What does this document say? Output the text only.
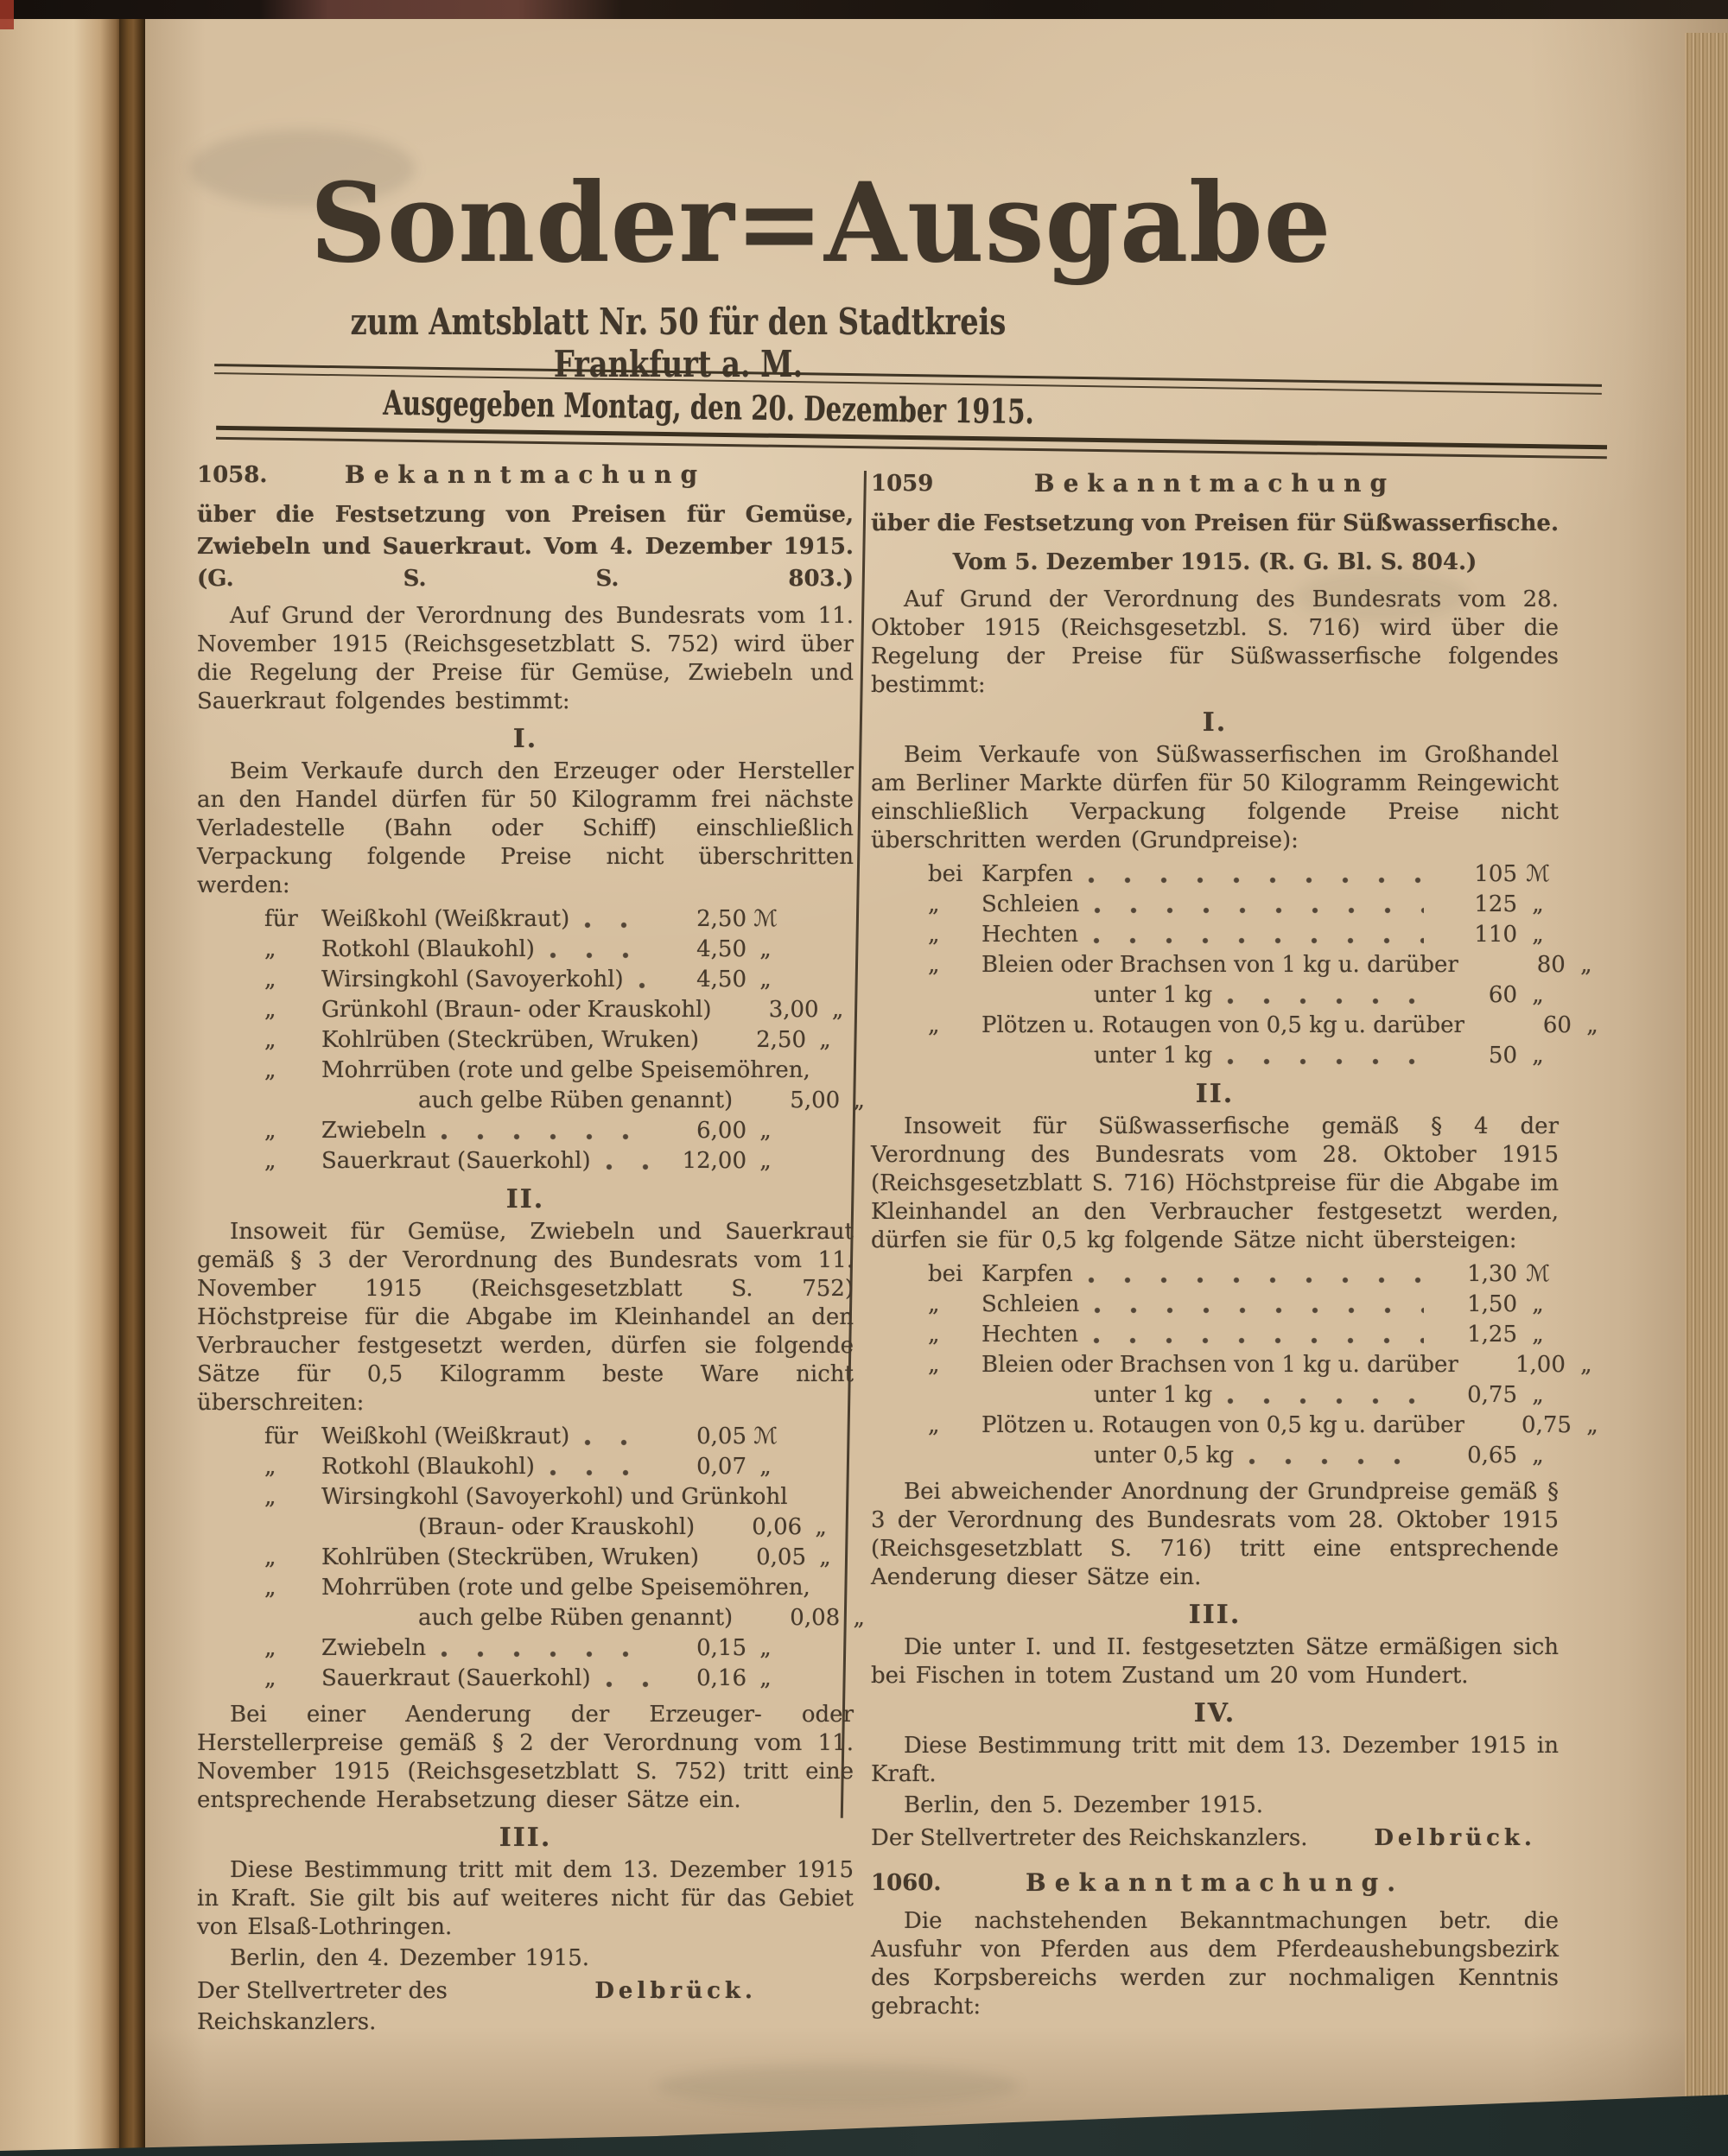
Sonder=Ausgabe
zum Amtsblatt Nr. 50 für den Stadtkreis Frankfurt a. M.
Ausgegeben Montag, den 20. Dezember 1915.
1058.	Bekanntmachung

über die Festsetzung von Preisen für Gemüse, Zwiebeln und Sauerkraut. Vom 4. Dezember 1915. (G. S. S. 803.)

Auf Grund der Verordnung des Bundesrats vom 11. November 1915 (Reichsgesetzblatt S. 752) wird über die Regelung der Preise für Gemüse, Zwiebeln und Sauerkraut folgendes bestimmt:

I.

Beim Verkaufe durch den Erzeuger oder Hersteller an den Handel dürfen für 50 Kilogramm frei nächste Verladestelle (Bahn oder Schiff) einschließlich Verpackung folgende Preise nicht überschritten werden:

für	Weißkohl (Weißkraut)	2,50 ℳ
„	Rotkohl (Blaukohl)	4,50 „
„	Wirsingkohl (Savoyerkohl)	4,50 „
„	Grünkohl (Braun- oder Krauskohl)	3,00 „
„	Kohlrüben (Steckrüben, Wruken)	2,50 „
„	Mohrrüben (rote und gelbe Speisemöhren,
auch gelbe Rüben genannt)	5,00 „
„	Zwiebeln	6,00 „
„	Sauerkraut (Sauerkohl)	12,00 „
II.

Insoweit für Gemüse, Zwiebeln und Sauerkraut gemäß § 3 der Verordnung des Bundesrats vom 11. November 1915 (Reichsgesetzblatt S. 752) Höchstpreise für die Abgabe im Kleinhandel an den Verbraucher festgesetzt werden, dürfen sie folgende Sätze für 0,5 Kilogramm beste Ware nicht überschreiten:

für	Weißkohl (Weißkraut)	0,05 ℳ
„	Rotkohl (Blaukohl)	0,07 „
„	Wirsingkohl (Savoyerkohl) und Grünkohl
(Braun- oder Krauskohl)	0,06 „
„	Kohlrüben (Steckrüben, Wruken)	0,05 „
„	Mohrrüben (rote und gelbe Speisemöhren,
auch gelbe Rüben genannt)	0,08 „
„	Zwiebeln	0,15 „
„	Sauerkraut (Sauerkohl)	0,16 „

Bei einer Aenderung der Erzeuger- oder Herstellerpreise gemäß § 2 der Verordnung vom 11. November 1915 (Reichsgesetzblatt S. 752) tritt eine entsprechende Herabsetzung dieser Sätze ein.

III.

Diese Bestimmung tritt mit dem 13. Dezember 1915 in Kraft. Sie gilt bis auf weiteres nicht für das Gebiet von Elsaß-Lothringen.

Berlin, den 4. Dezember 1915.

Der Stellvertreter des Reichskanzlers.
Delbrück.
1059	Bekanntmachung

über die Festsetzung von Preisen für Süßwasserfische.

Vom 5. Dezember 1915. (R. G. Bl. S. 804.)

Auf Grund der Verordnung des Bundesrats vom 28. Oktober 1915 (Reichsgesetzbl. S. 716) wird über die Regelung der Preise für Süßwasserfische folgendes bestimmt:

I.

Beim Verkaufe von Süßwasserfischen im Großhandel am Berliner Markte dürfen für 50 Kilogramm Reingewicht einschließlich Verpackung folgende Preise nicht überschritten werden (Grundpreise):

bei Karpfen	105 ℳ
„	Schleien	125 „
„	Hechten	110 „
„	Bleien oder Brachsen von 1 kg u. darüber	80 „
unter 1 kg	60 „
„	Plötzen u. Rotaugen von 0,5 kg u. darüber	60 „
unter 1 kg	50 „
II.

Insoweit für Süßwasserfische gemäß § 4 der Verordnung des Bundesrats vom 28. Oktober 1915 (Reichsgesetzblatt S. 716) Höchstpreise für die Abgabe im Kleinhandel an den Verbraucher festgesetzt werden, dürfen sie für 0,5 kg folgende Sätze nicht übersteigen:

bei Karpfen	1,30 ℳ
„	Schleien	1,50 „
„	Hechten	1,25 „
„	Bleien oder Brachsen von 1 kg u. darüber	1,00 „
unter 1 kg	0,75 „
„	Plötzen u. Rotaugen von 0,5 kg u. darüber	0,75 „
unter 0,5 kg	0,65 „

Bei abweichender Anordnung der Grundpreise gemäß § 3 der Verordnung des Bundesrats vom 28. Oktober 1915 (Reichsgesetzblatt S. 716) tritt eine entsprechende Aenderung dieser Sätze ein.

III.

Die unter I. und II. festgesetzten Sätze ermäßigen sich bei Fischen in totem Zustand um 20 vom Hundert.

IV.

Diese Bestimmung tritt mit dem 13. Dezember 1915 in Kraft.

Berlin, den 5. Dezember 1915.

Der Stellvertreter des Reichskanzlers.	Delbrück.
1060.	Bekanntmachung.

Die nachstehenden Bekanntmachungen betr. die Ausfuhr von Pferden aus dem Pferdeaushebungsbezirk des Korpsbereichs werden zur nochmaligen Kenntnis gebracht:
